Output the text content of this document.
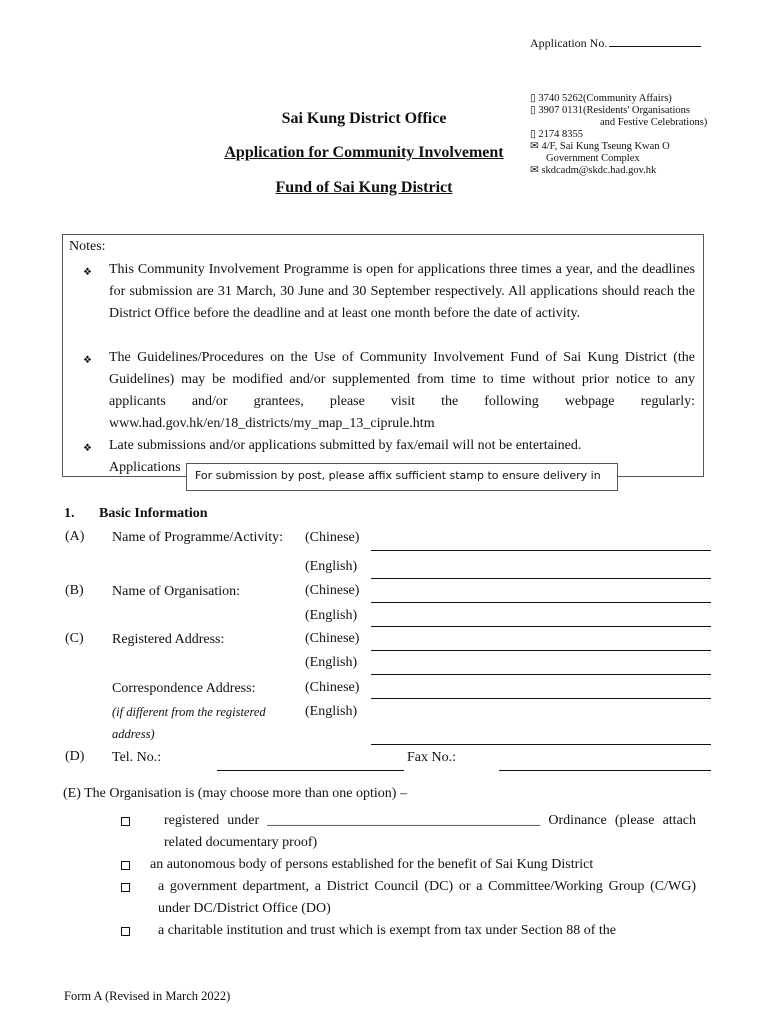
Application No.
Sai Kung District Office
Application for Community Involvement
Fund of Sai Kung District
▯ 3740 5262(Community Affairs)
▯ 3907 0131(Residents' Organisations
and Festive Celebrations)
▯ 2174 8355
✉ 4/F, Sai Kung Tseung Kwan O
Government Complex
✉ skdcadm@skdc.had.gov.hk
Notes:
❖ This Community Involvement Programme is open for applications three times a year, and the deadlines for submission are 31 March, 30 June and 30 September respectively. All applications should reach the District Office before the deadline and at least one month before the date of activity.
❖ The Guidelines/Procedures on the Use of Community Involvement Fund of Sai Kung District (the Guidelines) may be modified and/or supplemented from time to time without prior notice to any applicants and/or grantees, please visit the following webpage regularly: www.had.gov.hk/en/18_districts/my_map_13_ciprule.htm
❖ Late submissions and/or applications submitted by fax/email will not be entertained.
Applications
For submission by post, please affix sufficient stamp to ensure delivery in
1. Basic Information
(A) Name of Programme/Activity: (Chinese)
(English)
(B) Name of Organisation:	(Chinese)
(English)
(C) Registered Address:	(Chinese)
(English)
Correspondence Address:	(Chinese)
(if different from the registered	(English)
address)
(D) Tel. No.:	Fax No.:
(E) The Organisation is (may choose more than one option) –
registered under _______________________________________ Ordinance (please attach related documentary proof)
an autonomous body of persons established for the benefit of Sai Kung District
a government department, a District Council (DC) or a Committee/Working Group (C/WG) under DC/District Office (DO)
a charitable institution and trust which is exempt from tax under Section 88 of the
Form A (Revised in March 2022)
